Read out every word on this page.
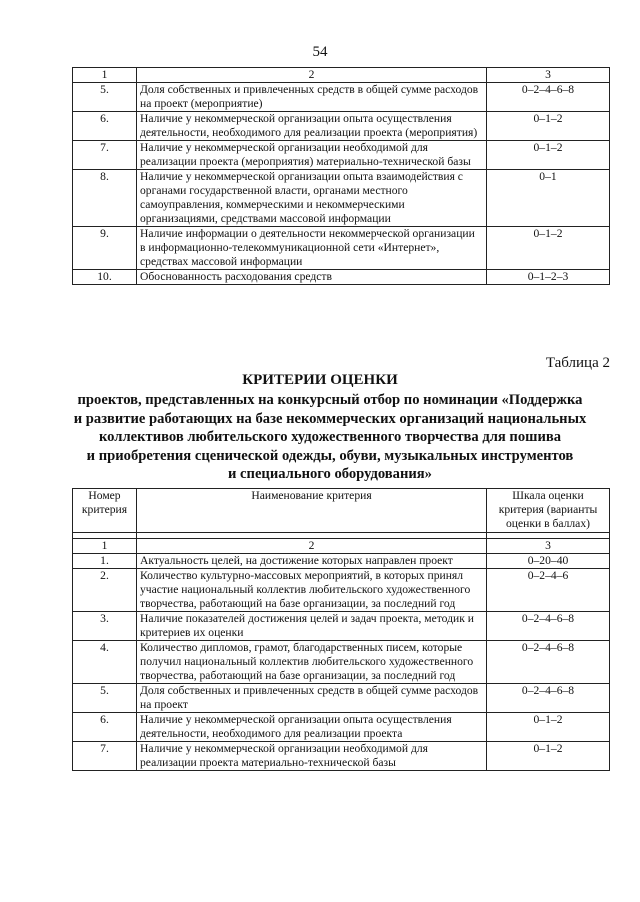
54
1	2	3
5.	Доля собственных и привлеченных средств в общей сумме расходов на проект (мероприятие)	0–2–4–6–8
6.	Наличие у некоммерческой организации опыта осуществления деятельности, необходимого для реализации проекта (мероприятия)	0–1–2
7.	Наличие у некоммерческой организации необходимой для реализации проекта (мероприятия) материально-технической базы	0–1–2
8.	Наличие у некоммерческой организации опыта взаимодействия с органами государственной власти, органами местного самоуправления, коммерческими и некоммерческими организациями, средствами массовой информации	0–1
9.	Наличие информации о деятельности некоммерческой организации в информационно-телекоммуникационной сети «Интернет», средствах массовой информации	0–1–2
10.	Обоснованность расходования средств	0–1–2–3
Таблица 2
КРИТЕРИИ ОЦЕНКИ
проектов, представленных на конкурсный отбор по номинации «Поддержка
и развитие работающих на базе некоммерческих организаций национальных
коллективов любительского художественного творчества для пошива
и приобретения сценической одежды, обуви, музыкальных инструментов
и специального оборудования»
Номер критерия	Наименование критерия	Шкала оценки критерия (варианты оценки в баллах)

1	2	3
1.	Актуальность целей, на достижение которых направлен проект	0–20–40
2.	Количество культурно-массовых мероприятий, в которых принял участие национальный коллектив любительского художественного творчества, работающий на базе организации, за последний год	0–2–4–6
3.	Наличие показателей достижения целей и задач проекта, методик и критериев их оценки	0–2–4–6–8
4.	Количество дипломов, грамот, благодарственных писем, которые получил национальный коллектив любительского художественного творчества, работающий на базе организации, за последний год	0–2–4–6–8
5.	Доля собственных и привлеченных средств в общей сумме расходов на проект	0–2–4–6–8
6.	Наличие у некоммерческой организации опыта осуществления деятельности, необходимого для реализации проекта	0–1–2
7.	Наличие у некоммерческой организации необходимой для реализации проекта материально-технической базы	0–1–2
